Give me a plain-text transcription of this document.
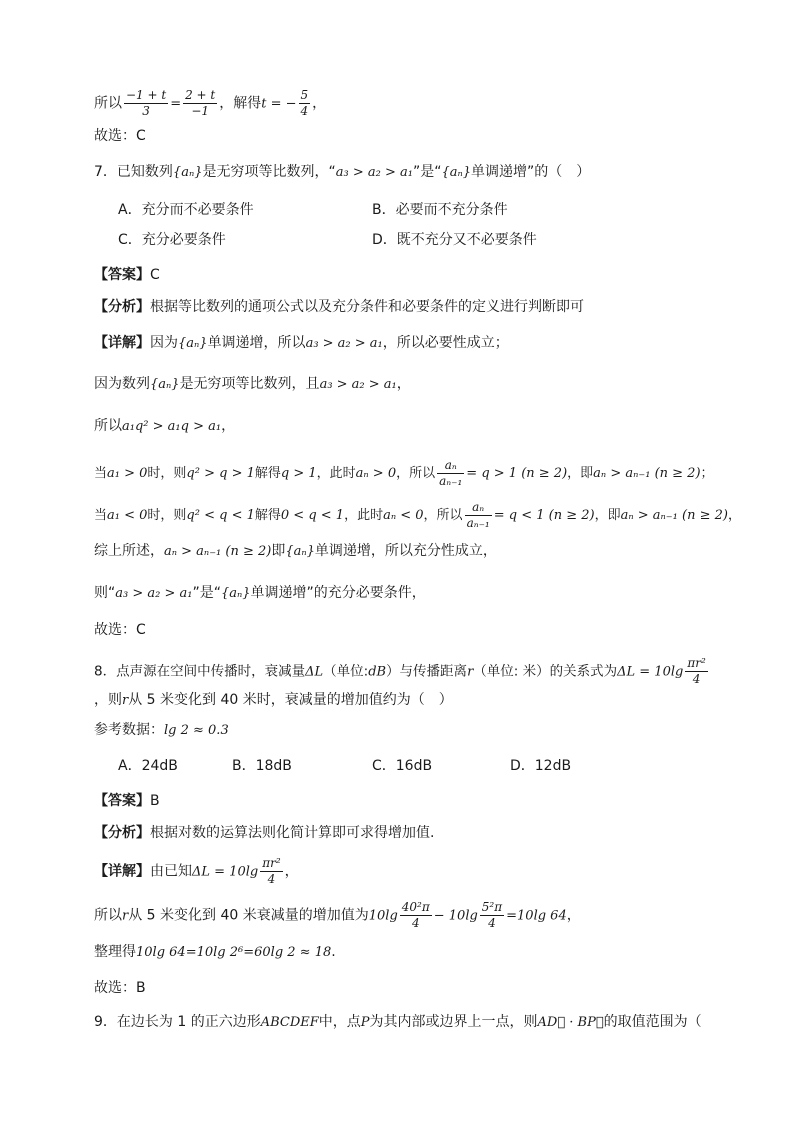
所以 $\frac{-1 + t}{3} = \frac{2 + t}{-1}$ ，解得t = − $\frac{5}{4}$ ，
故选：C
7．已知数列{aₙ}是无穷项等比数列，“a₃ > a₂ > a₁”是“{aₙ}单调递增”的（　）
A．充分而不必要条件	B．必要而不充分条件
C．充分必要条件	D．既不充分又不必要条件
【答案】C
【分析】根据等比数列的通项公式以及充分条件和必要条件的定义进行判断即可
【详解】因为{aₙ}单调递增，所以a₃ > a₂ > a₁，所以必要性成立；
因为数列{aₙ}是无穷项等比数列，且a₃ > a₂ > a₁，
所以a₁q² > a₁q > a₁，
当a₁ > 0时，则q² > q > 1解得q > 1，此时aₙ > 0，所以 $\frac{\text{aₙ}}{\text{aₙ₋₁}} = q > 1$ (n ≥ 2)，即aₙ > aₙ₋₁ (n ≥ 2)；
当a₁ < 0时，则q² < q < 1解得0 < q < 1，此时aₙ < 0，所以 $\frac{\text{aₙ}}{\text{aₙ₋₁}} = q < 1$ (n ≥ 2)，即aₙ > aₙ₋₁ (n ≥ 2)，
综上所述，aₙ > aₙ₋₁ (n ≥ 2)即{aₙ}单调递增，所以充分性成立，
则“a₃ > a₂ > a₁”是“{aₙ}单调递增”的充分必要条件，
故选：C
8．点声源在空间中传播时，衰减量ΔL（单位:dB）与传播距离r（单位: 米）的关系式为$\Delta L = 10\lg \frac{\text{πr²}}{4}$
，则r从 5 米变化到 40 米时，衰减量的增加值约为（　）
参考数据：lg 2 ≈ 0.3
A．24dB	B．18dB	C．16dB	D．12dB
【答案】B
【分析】根据对数的运算法则化简计算即可求得增加值.
【详解】由已知$\Delta L = 10\lg \frac{\text{πr²}}{4}$ ，
所以r从 5 米变化到 40 米衰减量的增加值为$10\lg \frac{\text{40²π}}{4} - 10\lg \frac{\text{5²π}}{4} =10\lg$ 64，
整理得10lg 64=10lg 2⁶=60lg 2 ≈ 18.
故选：B
9．在边长为 1 的正六边形ABCDEF中，点P为其内部或边界上一点，则AD⃗ · BP⃗的取值范围为（
